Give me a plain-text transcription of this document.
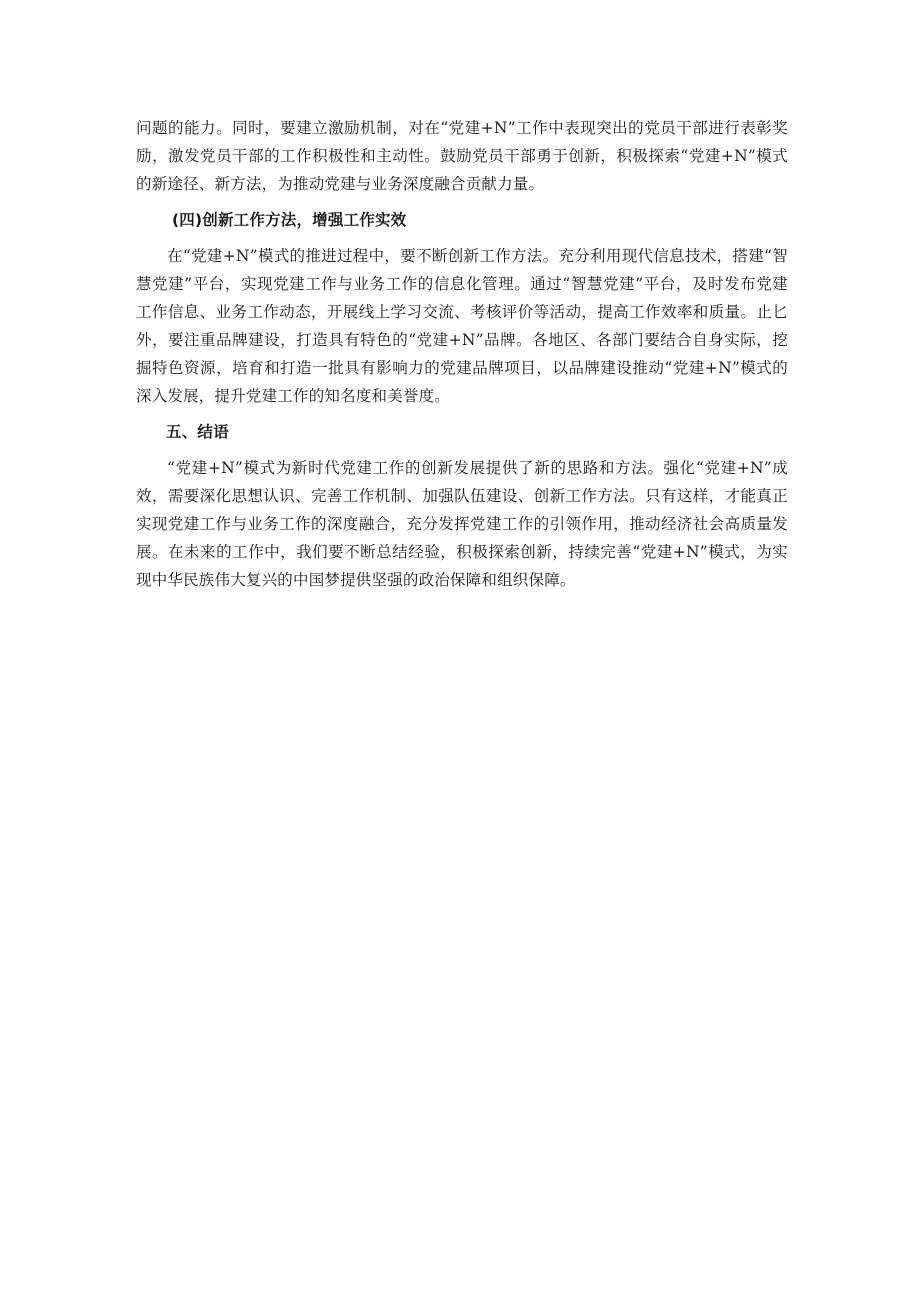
问题的能力。同时，要建立激励机制，对在“党建+N”工作中表现突出的党员干部进行表彰奖励，激发党员干部的工作积极性和主动性。鼓励党员干部勇于创新，积极探索“党建+N”模式的新途径、新方法，为推动党建与业务深度融合贡献力量。

(四)创新工作方法，增强工作实效

在“党建+N”模式的推进过程中，要不断创新工作方法。充分利用现代信息技术，搭建“智慧党建”平台，实现党建工作与业务工作的信息化管理。通过“智慧党建”平台，及时发布党建工作信息、业务工作动态，开展线上学习交流、考核评价等活动，提高工作效率和质量。止匕外，要注重品牌建设，打造具有特色的“党建+N”品牌。各地区、各部门要结合自身实际，挖掘特色资源，培育和打造一批具有影响力的党建品牌项目，以品牌建设推动“党建+N”模式的深入发展，提升党建工作的知名度和美誉度。

五、结语

“党建+N”模式为新时代党建工作的创新发展提供了新的思路和方法。强化“党建+N”成效，需要深化思想认识、完善工作机制、加强队伍建设、创新工作方法。只有这样，才能真正实现党建工作与业务工作的深度融合，充分发挥党建工作的引领作用，推动经济社会高质量发展。在未来的工作中，我们要不断总结经验，积极探索创新，持续完善“党建+N”模式，为实现中华民族伟大复兴的中国梦提供坚强的政治保障和组织保障。
